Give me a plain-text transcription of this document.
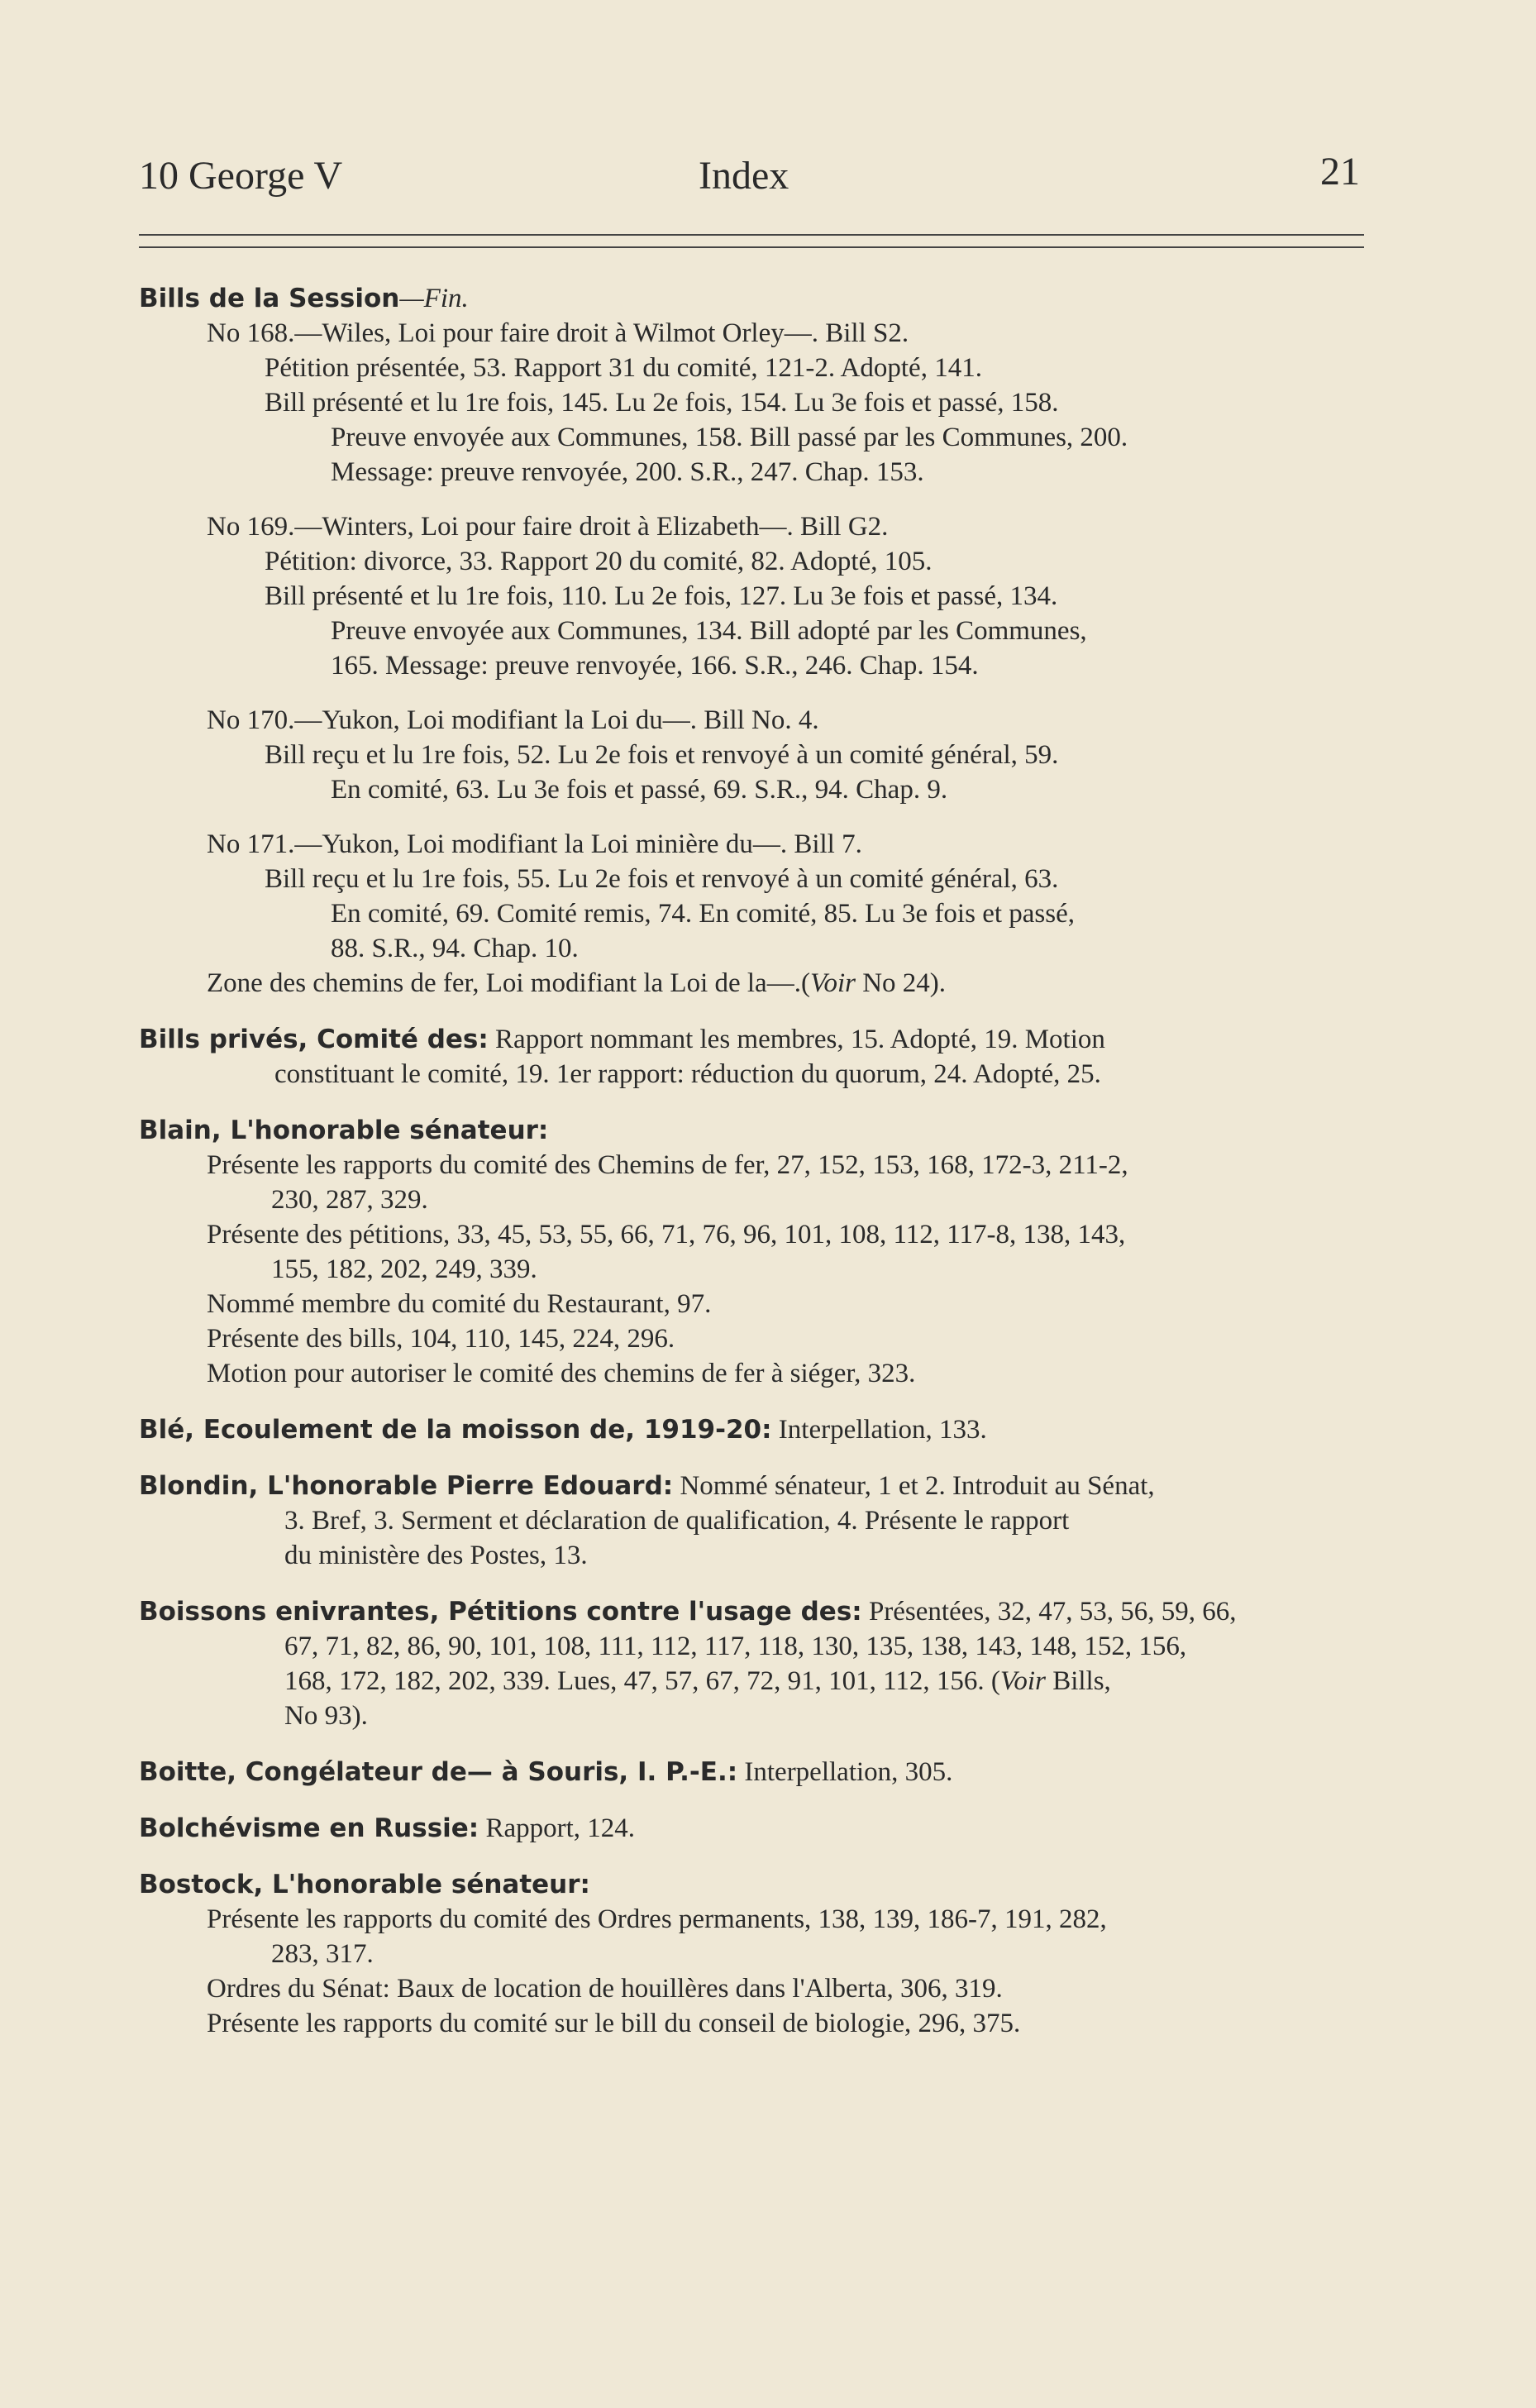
10 George V	Index	21
Bills de la Session—Fin.
No 168.—Wiles, Loi pour faire droit à Wilmot Orley—. Bill S2.
Pétition présentée, 53. Rapport 31 du comité, 121-2. Adopté, 141.
Bill présenté et lu 1re fois, 145. Lu 2e fois, 154. Lu 3e fois et passé, 158.
Preuve envoyée aux Communes, 158. Bill passé par les Communes, 200.
Message: preuve renvoyée, 200. S.R., 247. Chap. 153.
No 169.—Winters, Loi pour faire droit à Elizabeth—. Bill G2.
Pétition: divorce, 33. Rapport 20 du comité, 82. Adopté, 105.
Bill présenté et lu 1re fois, 110. Lu 2e fois, 127. Lu 3e fois et passé, 134.
Preuve envoyée aux Communes, 134. Bill adopté par les Communes,
165. Message: preuve renvoyée, 166. S.R., 246. Chap. 154.
No 170.—Yukon, Loi modifiant la Loi du—. Bill No. 4.
Bill reçu et lu 1re fois, 52. Lu 2e fois et renvoyé à un comité général, 59.
En comité, 63. Lu 3e fois et passé, 69. S.R., 94. Chap. 9.
No 171.—Yukon, Loi modifiant la Loi minière du—. Bill 7.
Bill reçu et lu 1re fois, 55. Lu 2e fois et renvoyé à un comité général, 63.
En comité, 69. Comité remis, 74. En comité, 85. Lu 3e fois et passé,
88. S.R., 94. Chap. 10.
Zone des chemins de fer, Loi modifiant la Loi de la—.(Voir No 24).
Bills privés, Comité des: Rapport nommant les membres, 15. Adopté, 19. Motion
constituant le comité, 19. 1er rapport: réduction du quorum, 24. Adopté, 25.
Blain, L'honorable sénateur:
Présente les rapports du comité des Chemins de fer, 27, 152, 153, 168, 172-3, 211-2,
230, 287, 329.
Présente des pétitions, 33, 45, 53, 55, 66, 71, 76, 96, 101, 108, 112, 117-8, 138, 143,
155, 182, 202, 249, 339.
Nommé membre du comité du Restaurant, 97.
Présente des bills, 104, 110, 145, 224, 296.
Motion pour autoriser le comité des chemins de fer à siéger, 323.
Blé, Ecoulement de la moisson de, 1919-20: Interpellation, 133.
Blondin, L'honorable Pierre Edouard: Nommé sénateur, 1 et 2. Introduit au Sénat,
3. Bref, 3. Serment et déclaration de qualification, 4. Présente le rapport
du ministère des Postes, 13.
Boissons enivrantes, Pétitions contre l'usage des: Présentées, 32, 47, 53, 56, 59, 66,
67, 71, 82, 86, 90, 101, 108, 111, 112, 117, 118, 130, 135, 138, 143, 148, 152, 156,
168, 172, 182, 202, 339. Lues, 47, 57, 67, 72, 91, 101, 112, 156. (Voir Bills,
No 93).
Boitte, Congélateur de— à Souris, I. P.-E.: Interpellation, 305.
Bolchévisme en Russie: Rapport, 124.
Bostock, L'honorable sénateur:
Présente les rapports du comité des Ordres permanents, 138, 139, 186-7, 191, 282,
283, 317.
Ordres du Sénat: Baux de location de houillères dans l'Alberta, 306, 319.
Présente les rapports du comité sur le bill du conseil de biologie, 296, 375.
